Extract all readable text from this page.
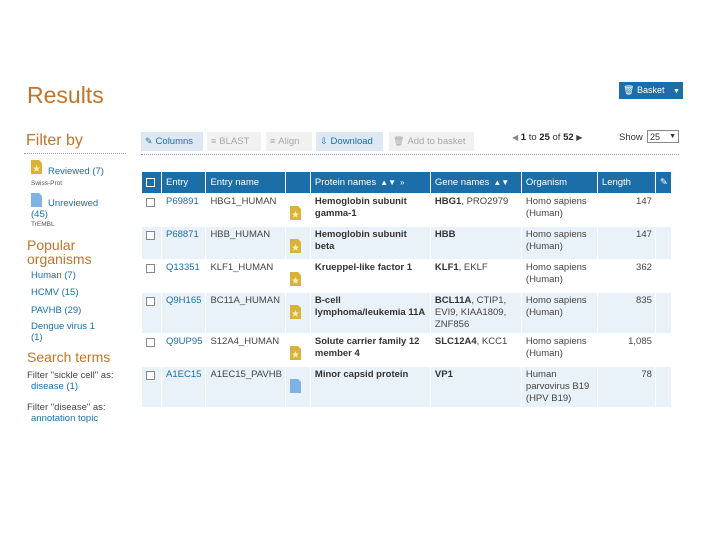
Results	🗑 Basket ▼
Filter by
Reviewed (7)
Swiss-Prot
Unreviewed
(45)
TrEMBL
Popular organisms
Human (7)
HCMV (15)
PAVHB (29)
Dengue virus 1
(1)
Search terms
Filter "sickle cell" as:
disease (1)
Filter "disease" as:
annotation topic
✎ Columns	≡ BLAST	≡ Align	⇩ Download	🗑 Add to basket	◀ 1 to 25 of 52 ▶	Show 25 ▼
	Entry	Entry name		Protein names ▲▼ »	Gene names ▲▼	Organism	Length	✎
	P69891	HBG1_HUMAN		Hemoglobin subunit gamma-1	HBG1, PRO2979	Homo sapiens (Human)	147	
	P68871	HBB_HUMAN		Hemoglobin subunit beta	HBB	Homo sapiens (Human)	147	
	Q13351	KLF1_HUMAN		Krueppel-like factor 1	KLF1, EKLF	Homo sapiens (Human)	362	
	Q9H165	BC11A_HUMAN		B-cell lymphoma/leukemia 11A	BCL11A, CTIP1, EVI9, KIAA1809, ZNF856	Homo sapiens (Human)	835	
	Q9UP95	S12A4_HUMAN		Solute carrier family 12 member 4	SLC12A4, KCC1	Homo sapiens (Human)	1,085	
	A1EC15	A1EC15_PAVHB		Minor capsid protein	VP1	Human parvovirus B19 (HPV B19)	78	
